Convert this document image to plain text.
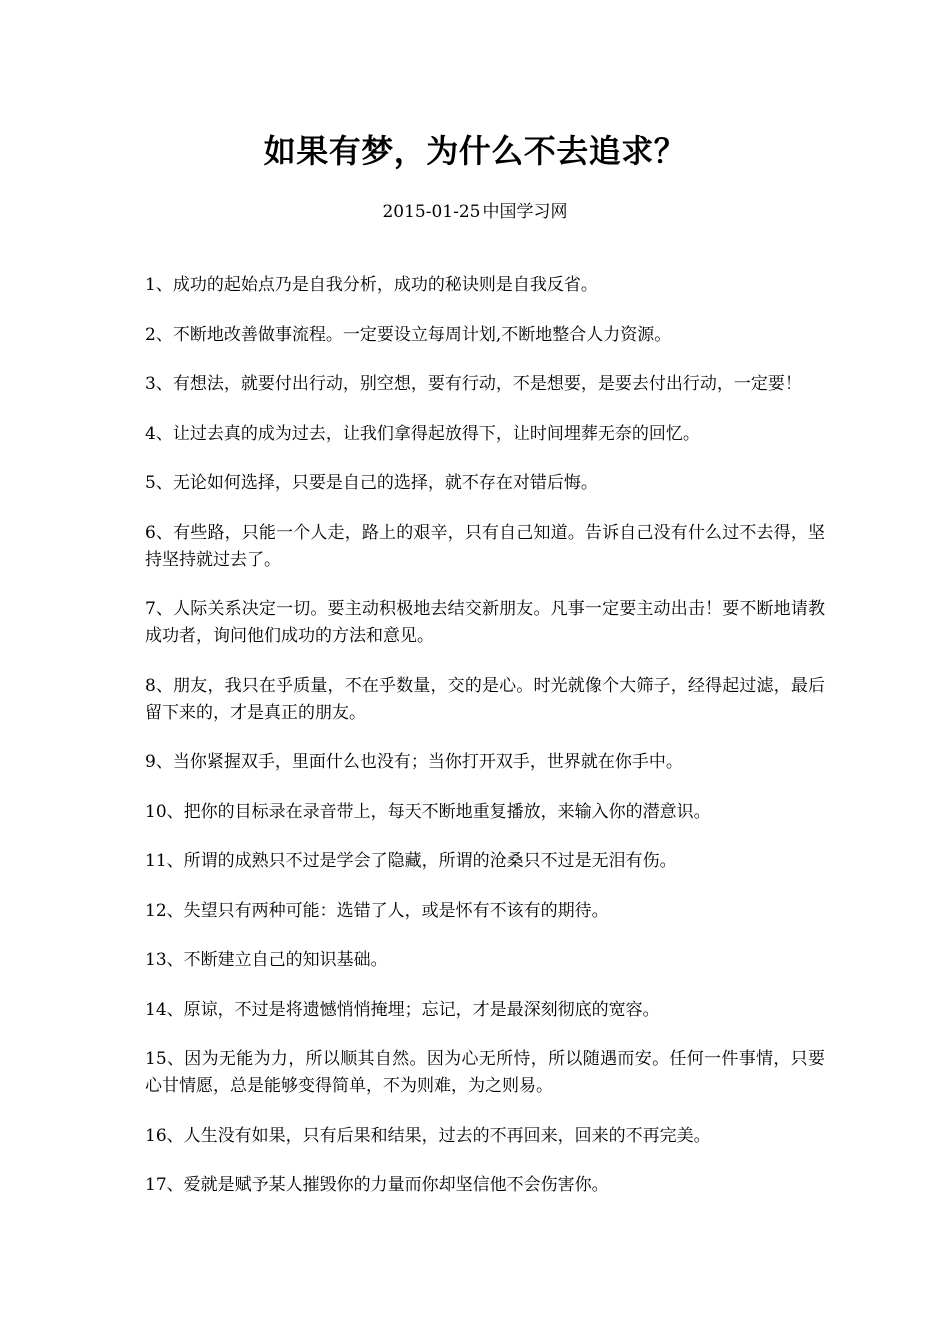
如果有梦，为什么不去追求？
2015-01-25 中国学习网

1、成功的起始点乃是自我分析，成功的秘诀则是自我反省。

2、不断地改善做事流程。一定要设立每周计划,不断地整合人力资源。

3、有想法，就要付出行动，别空想，要有行动，不是想要，是要去付出行动，一定要！

4、让过去真的成为过去，让我们拿得起放得下，让时间埋葬无奈的回忆。

5、无论如何选择，只要是自己的选择，就不存在对错后悔。

6、有些路，只能一个人走，路上的艰辛，只有自己知道。告诉自己没有什么过不去得，坚持坚持就过去了。

7、人际关系决定一切。要主动积极地去结交新朋友。凡事一定要主动出击！要不断地请教成功者，询问他们成功的方法和意见。

8、朋友，我只在乎质量，不在乎数量，交的是心。时光就像个大筛子，经得起过滤，最后留下来的，才是真正的朋友。

9、当你紧握双手，里面什么也没有；当你打开双手，世界就在你手中。

10、把你的目标录在录音带上，每天不断地重复播放，来输入你的潜意识。

11、所谓的成熟只不过是学会了隐藏，所谓的沧桑只不过是无泪有伤。

12、失望只有两种可能：选错了人，或是怀有不该有的期待。

13、不断建立自己的知识基础。

14、原谅，不过是将遗憾悄悄掩埋；忘记，才是最深刻彻底的宽容。

15、因为无能为力，所以顺其自然。因为心无所恃，所以随遇而安。任何一件事情，只要心甘情愿，总是能够变得简单，不为则难，为之则易。

16、人生没有如果，只有后果和结果，过去的不再回来，回来的不再完美。

17、爱就是赋予某人摧毁你的力量而你却坚信他不会伤害你。
